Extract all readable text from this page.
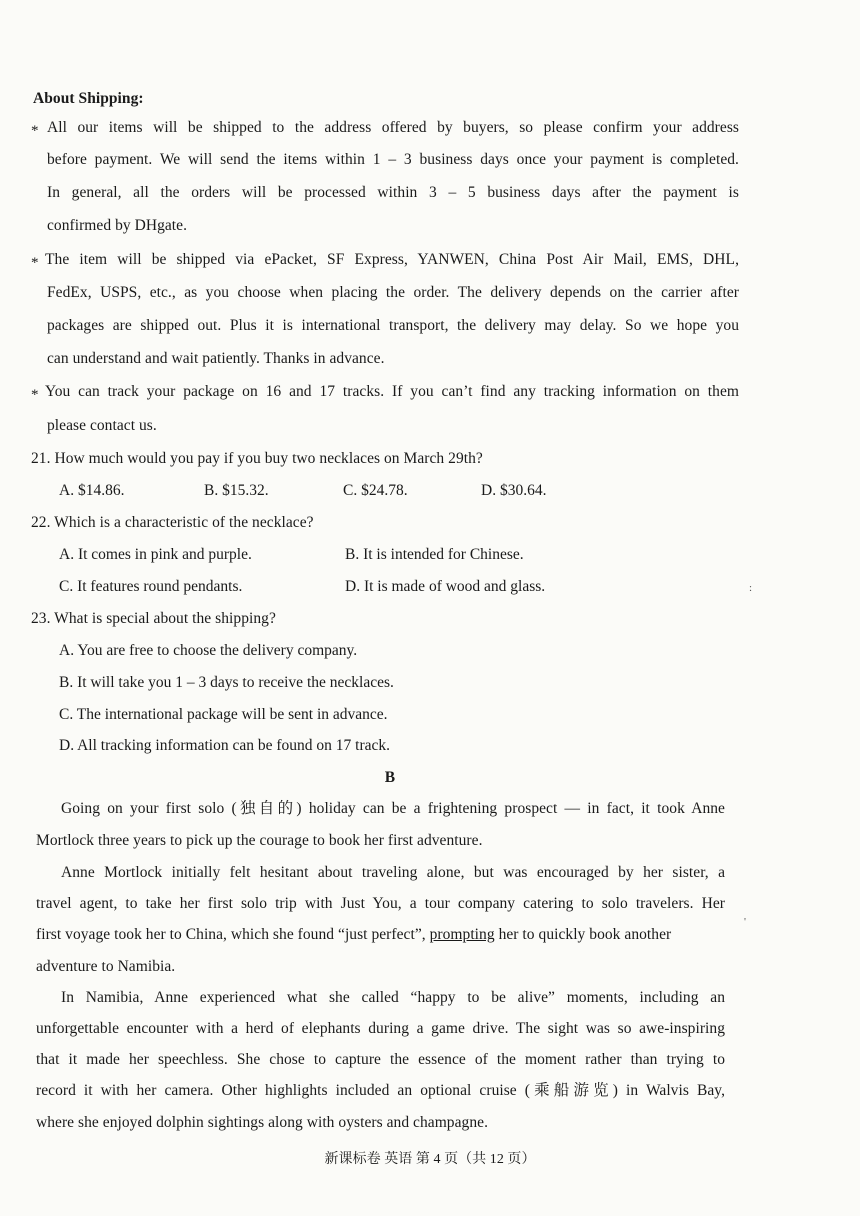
About Shipping:
* All our items will be shipped to the address offered by buyers, so please confirm your address
before payment. We will send the items within 1 – 3 business days once your payment is completed.
In general, all the orders will be processed within 3 – 5 business days after the payment is
confirmed by DHgate.
* The item will be shipped via ePacket, SF Express, YANWEN, China Post Air Mail, EMS, DHL,
FedEx, USPS, etc., as you choose when placing the order. The delivery depends on the carrier after
packages are shipped out. Plus it is international transport, the delivery may delay. So we hope you
can understand and wait patiently. Thanks in advance.
* You can track your package on 16 and 17 tracks. If you can’t find any tracking information on them
please contact us.
21. How much would you pay if you buy two necklaces on March 29th?
A. $14.86.	B. $15.32.	C. $24.78.	D. $30.64.
22. Which is a characteristic of the necklace?
A. It comes in pink and purple.	B. It is intended for Chinese.
C. It features round pendants.	D. It is made of wood and glass.
23. What is special about the shipping?
A. You are free to choose the delivery company.
B. It will take you 1 – 3 days to receive the necklaces.
C. The international package will be sent in advance.
D. All tracking information can be found on 17 track.
B
Going on your first solo (独自的) holiday can be a frightening prospect — in fact, it took Anne
Mortlock three years to pick up the courage to book her first adventure.
Anne Mortlock initially felt hesitant about traveling alone, but was encouraged by her sister, a
travel agent, to take her first solo trip with Just You, a tour company catering to solo travelers. Her
first voyage took her to China, which she found “just perfect”, prompting her to quickly book another
adventure to Namibia.
In Namibia, Anne experienced what she called “happy to be alive” moments, including an
unforgettable encounter with a herd of elephants during a game drive. The sight was so awe-inspiring
that it made her speechless. She chose to capture the essence of the moment rather than trying to
record it with her camera. Other highlights included an optional cruise (乘船游览) in Walvis Bay,
where she enjoyed dolphin sightings along with oysters and champagne.
新课标卷 英语 第 4 页（共 12 页）
:
'
